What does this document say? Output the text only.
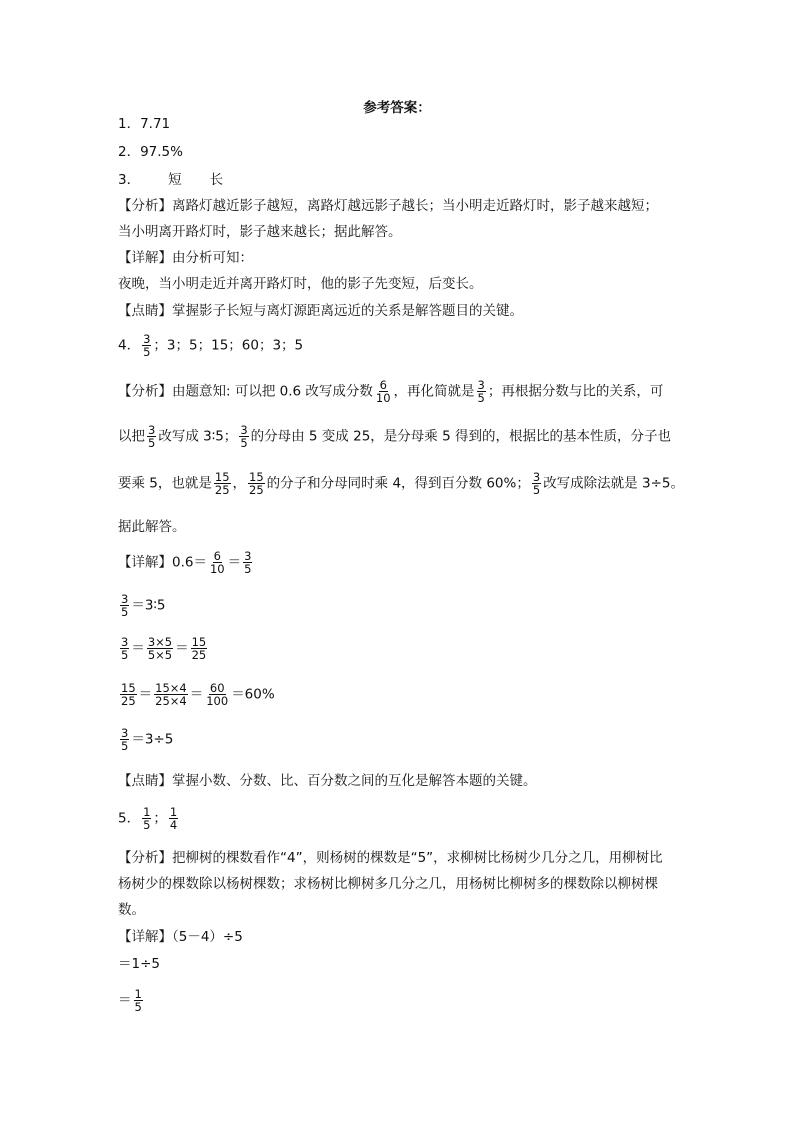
参考答案：
1．7.71
2．97.5%
3． 短 长
【分析】离路灯越近影子越短，离路灯越远影子越长；当小明走近路灯时，影子越来越短；
当小明离开路灯时，影子越来越长；据此解答。
【详解】由分析可知：
夜晚，当小明走近并离开路灯时，他的影子先变短，后变长。
【点睛】掌握影子长短与离灯源距离远近的关系是解答题目的关键。
4． $\frac{3}{5}$ ；3；5；15；60；3；5
【分析】由题意知: 可以把 0.6 改写成分数 $\frac{6}{10}$ ，再化简就是 $\frac{3}{5}$ ；再根据分数与比的关系，可
以把 $\frac{3}{5}$ 改写成 3∶5； $\frac{3}{5}$ 的分母由 5 变成 25，是分母乘 5 得到的，根据比的基本性质，分子也
要乘 5，也就是 $\frac{15}{25}$ ， $\frac{15}{25}$ 的分子和分母同时乘 4，得到百分数 60%； $\frac{3}{5}$ 改写成除法就是 3÷5。
据此解答。
【详解】$0.6= \frac{6}{10} = \frac{3}{5}$
$\frac{3}{5}$ ＝3∶5
$\frac{3}{5} = \frac{3\times 5}{5\times 5} = \frac{15}{25}$
$\frac{15}{25} = \frac{15\times 4}{25\times 4} = \frac{60}{100} =60\%$
$\frac{3}{5} =3\div 5$
【点睛】掌握小数、分数、比、百分数之间的互化是解答本题的关键。
5． $\frac{1}{5}$ ； $\frac{1}{4}$
【分析】把柳树的棵数看作“4”，则杨树的棵数是“5”，求柳树比杨树少几分之几，用柳树比
杨树少的棵数除以杨树棵数；求杨树比柳树多几分之几，用杨树比柳树多的棵数除以柳树棵
数。
【详解】（5－4）÷5
＝1÷5
＝ $\frac{1}{5}$
